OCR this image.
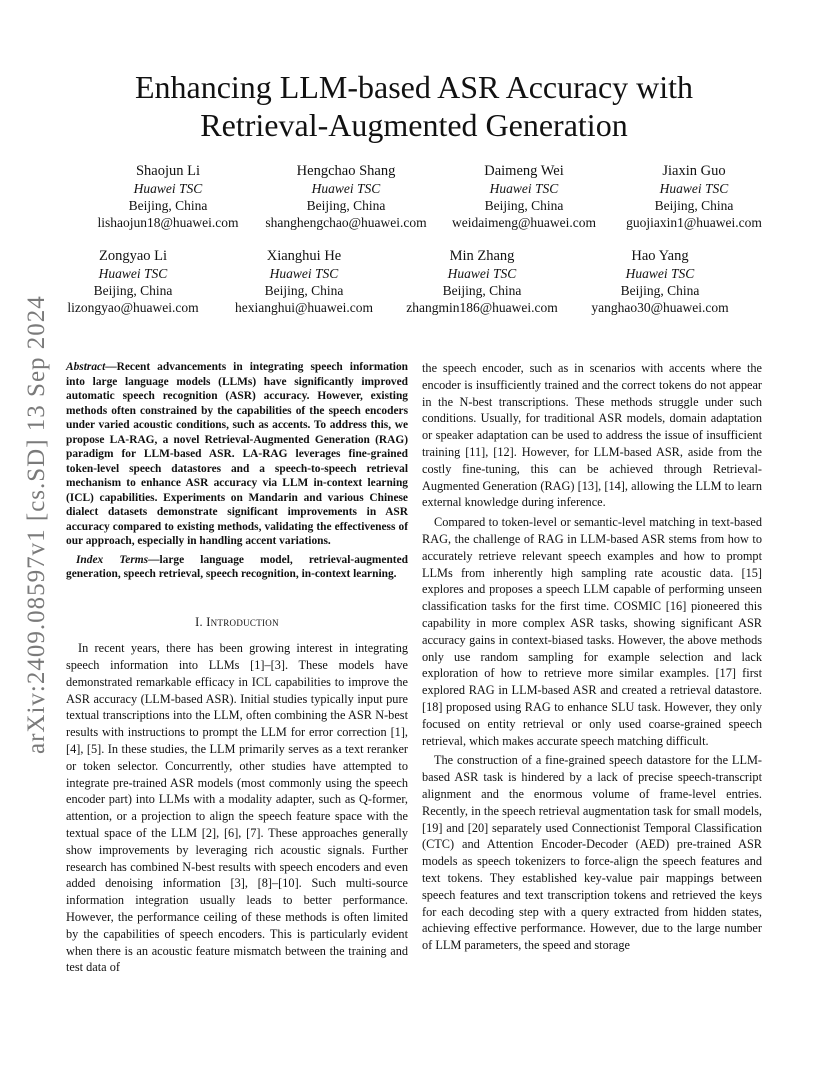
arXiv:2409.08597v1 [cs.SD] 13 Sep 2024
Enhancing LLM-based ASR Accuracy with
Retrieval-Augmented Generation
Shaojun Li
Huawei TSC
Beijing, China
lishaojun18@huawei.com
Hengchao Shang
Huawei TSC
Beijing, China
shanghengchao@huawei.com
Daimeng Wei
Huawei TSC
Beijing, China
weidaimeng@huawei.com
Jiaxin Guo
Huawei TSC
Beijing, China
guojiaxin1@huawei.com
Zongyao Li
Huawei TSC
Beijing, China
lizongyao@huawei.com
Xianghui He
Huawei TSC
Beijing, China
hexianghui@huawei.com
Min Zhang
Huawei TSC
Beijing, China
zhangmin186@huawei.com
Hao Yang
Huawei TSC
Beijing, China
yanghao30@huawei.com

Abstract—Recent advancements in integrating speech information into large language models (LLMs) have significantly improved automatic speech recognition (ASR) accuracy. However, existing methods often constrained by the capabilities of the speech encoders under varied acoustic conditions, such as accents. To address this, we propose LA-RAG, a novel Retrieval-Augmented Generation (RAG) paradigm for LLM-based ASR. LA-RAG leverages fine-grained token-level speech datastores and a speech-to-speech retrieval mechanism to enhance ASR accuracy via LLM in-context learning (ICL) capabilities. Experiments on Mandarin and various Chinese dialect datasets demonstrate significant improvements in ASR accuracy compared to existing methods, validating the effectiveness of our approach, especially in handling accent variations.

Index Terms—large language model, retrieval-augmented generation, speech retrieval, speech recognition, in-context learning.

I. Introduction

In recent years, there has been growing interest in integrating speech information into LLMs [1]–[3]. These models have demonstrated remarkable efficacy in ICL capabilities to improve the ASR accuracy (LLM-based ASR). Initial studies typically input pure textual transcriptions into the LLM, often combining the ASR N-best results with instructions to prompt the LLM for error correction [1], [4], [5]. In these studies, the LLM primarily serves as a text reranker or token selector. Concurrently, other studies have attempted to integrate pre-trained ASR models (most commonly using the speech encoder part) into LLMs with a modality adapter, such as Q-former, attention, or a projection to align the speech feature space with the textual space of the LLM [2], [6], [7]. These approaches generally show improvements by leveraging rich acoustic signals. Further research has combined N-best results with speech encoders and even added denoising information [3], [8]–[10]. Such multi-source information integration usually leads to better performance. However, the performance ceiling of these methods is often limited by the capabilities of speech encoders. This is particularly evident when there is an acoustic feature mismatch between the training and test data of

the speech encoder, such as in scenarios with accents where the encoder is insufficiently trained and the correct tokens do not appear in the N-best transcriptions. These methods struggle under such conditions. Usually, for traditional ASR models, domain adaptation or speaker adaptation can be used to address the issue of insufficient training [11], [12]. However, for LLM-based ASR, aside from the costly fine-tuning, this can be achieved through Retrieval-Augmented Generation (RAG) [13], [14], allowing the LLM to learn external knowledge during inference.

Compared to token-level or semantic-level matching in text-based RAG, the challenge of RAG in LLM-based ASR stems from how to accurately retrieve relevant speech examples and how to prompt LLMs from inherently high sampling rate acoustic data. [15] explores and proposes a speech LLM capable of performing unseen classification tasks for the first time. COSMIC [16] pioneered this capability in more complex ASR tasks, showing significant ASR accuracy gains in context-biased tasks. However, the above methods only use random sampling for example selection and lack exploration of how to retrieve more similar examples. [17] first explored RAG in LLM-based ASR and created a retrieval datastore. [18] proposed using RAG to enhance SLU task. However, they only focused on entity retrieval or only used coarse-grained speech retrieval, which makes accurate speech matching difficult.

The construction of a fine-grained speech datastore for the LLM-based ASR task is hindered by a lack of precise speech-transcript alignment and the enormous volume of frame-level entries. Recently, in the speech retrieval augmentation task for small models, [19] and [20] separately used Connectionist Temporal Classification (CTC) and Attention Encoder-Decoder (AED) pre-trained ASR models as speech tokenizers to force-align the speech features and text tokens. They established key-value pair mappings between speech features and text transcription tokens and retrieved the keys for each decoding step with a query extracted from hidden states, achieving effective performance. However, due to the large number of LLM parameters, the speed and storage
